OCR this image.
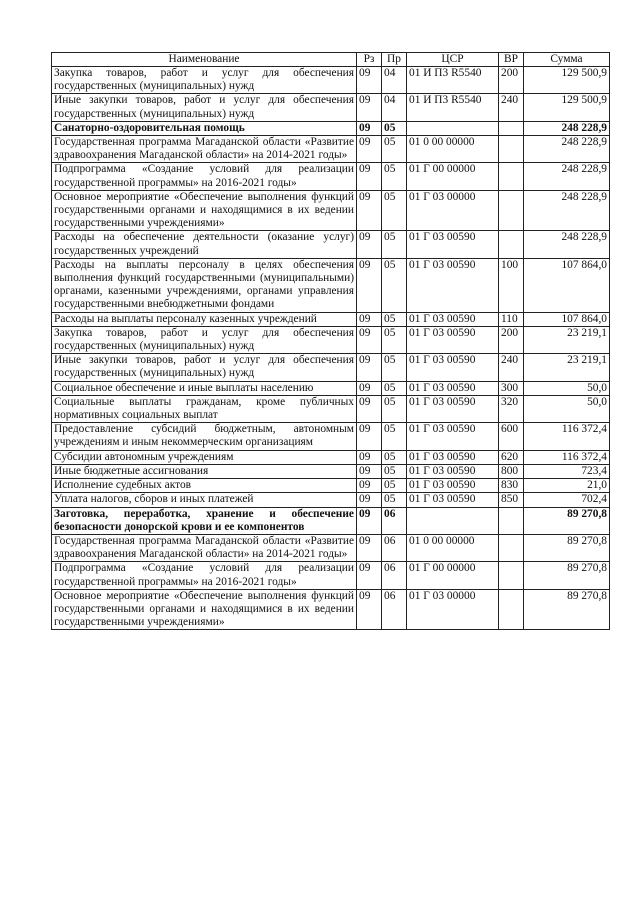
Наименование	Рз	Пр	ЦСР	ВР	Сумма
Закупка товаров, работ и услуг для обеспечения государственных (муниципальных) нужд	09	04	01 И П3 R5540	200	129 500,9
Иные закупки товаров, работ и услуг для обеспечения государственных (муниципальных) нужд	09	04	01 И П3 R5540	240	129 500,9
Санаторно-оздоровительная помощь	09	05			248 228,9
Государственная программа Магаданской области «Развитие здравоохранения Магаданской области» на 2014-2021 годы»	09	05	01 0 00 00000		248 228,9
Подпрограмма «Создание условий для реализации государственной программы» на 2016-2021 годы»	09	05	01 Г 00 00000		248 228,9
Основное мероприятие «Обеспечение выполнения функций государственными органами и находящимися в их ведении государственными учреждениями»	09	05	01 Г 03 00000		248 228,9
Расходы на обеспечение деятельности (оказание услуг) государственных учреждений	09	05	01 Г 03 00590		248 228,9
Расходы на выплаты персоналу в целях обеспечения выполнения функций государственными (муниципальными) органами, казенными учреждениями, органами управления государственными внебюджетными фондами	09	05	01 Г 03 00590	100	107 864,0
Расходы на выплаты персоналу казенных учреждений	09	05	01 Г 03 00590	110	107 864,0
Закупка товаров, работ и услуг для обеспечения государственных (муниципальных) нужд	09	05	01 Г 03 00590	200	23 219,1
Иные закупки товаров, работ и услуг для обеспечения государственных (муниципальных) нужд	09	05	01 Г 03 00590	240	23 219,1
Социальное обеспечение и иные выплаты населению	09	05	01 Г 03 00590	300	50,0
Социальные выплаты гражданам, кроме публичных нормативных социальных выплат	09	05	01 Г 03 00590	320	50,0
Предоставление субсидий бюджетным, автономным учреждениям и иным некоммерческим организациям	09	05	01 Г 03 00590	600	116 372,4
Субсидии автономным учреждениям	09	05	01 Г 03 00590	620	116 372,4
Иные бюджетные ассигнования	09	05	01 Г 03 00590	800	723,4
Исполнение судебных актов	09	05	01 Г 03 00590	830	21,0
Уплата налогов, сборов и иных платежей	09	05	01 Г 03 00590	850	702,4
Заготовка, переработка, хранение и обеспечение безопасности донорской крови и ее компонентов	09	06			89 270,8
Государственная программа Магаданской области «Развитие здравоохранения Магаданской области» на 2014-2021 годы»	09	06	01 0 00 00000		89 270,8
Подпрограмма «Создание условий для реализации государственной программы» на 2016-2021 годы»	09	06	01 Г 00 00000		89 270,8
Основное мероприятие «Обеспечение выполнения функций государственными органами и находящимися в их ведении государственными учреждениями»	09	06	01 Г 03 00000		89 270,8
